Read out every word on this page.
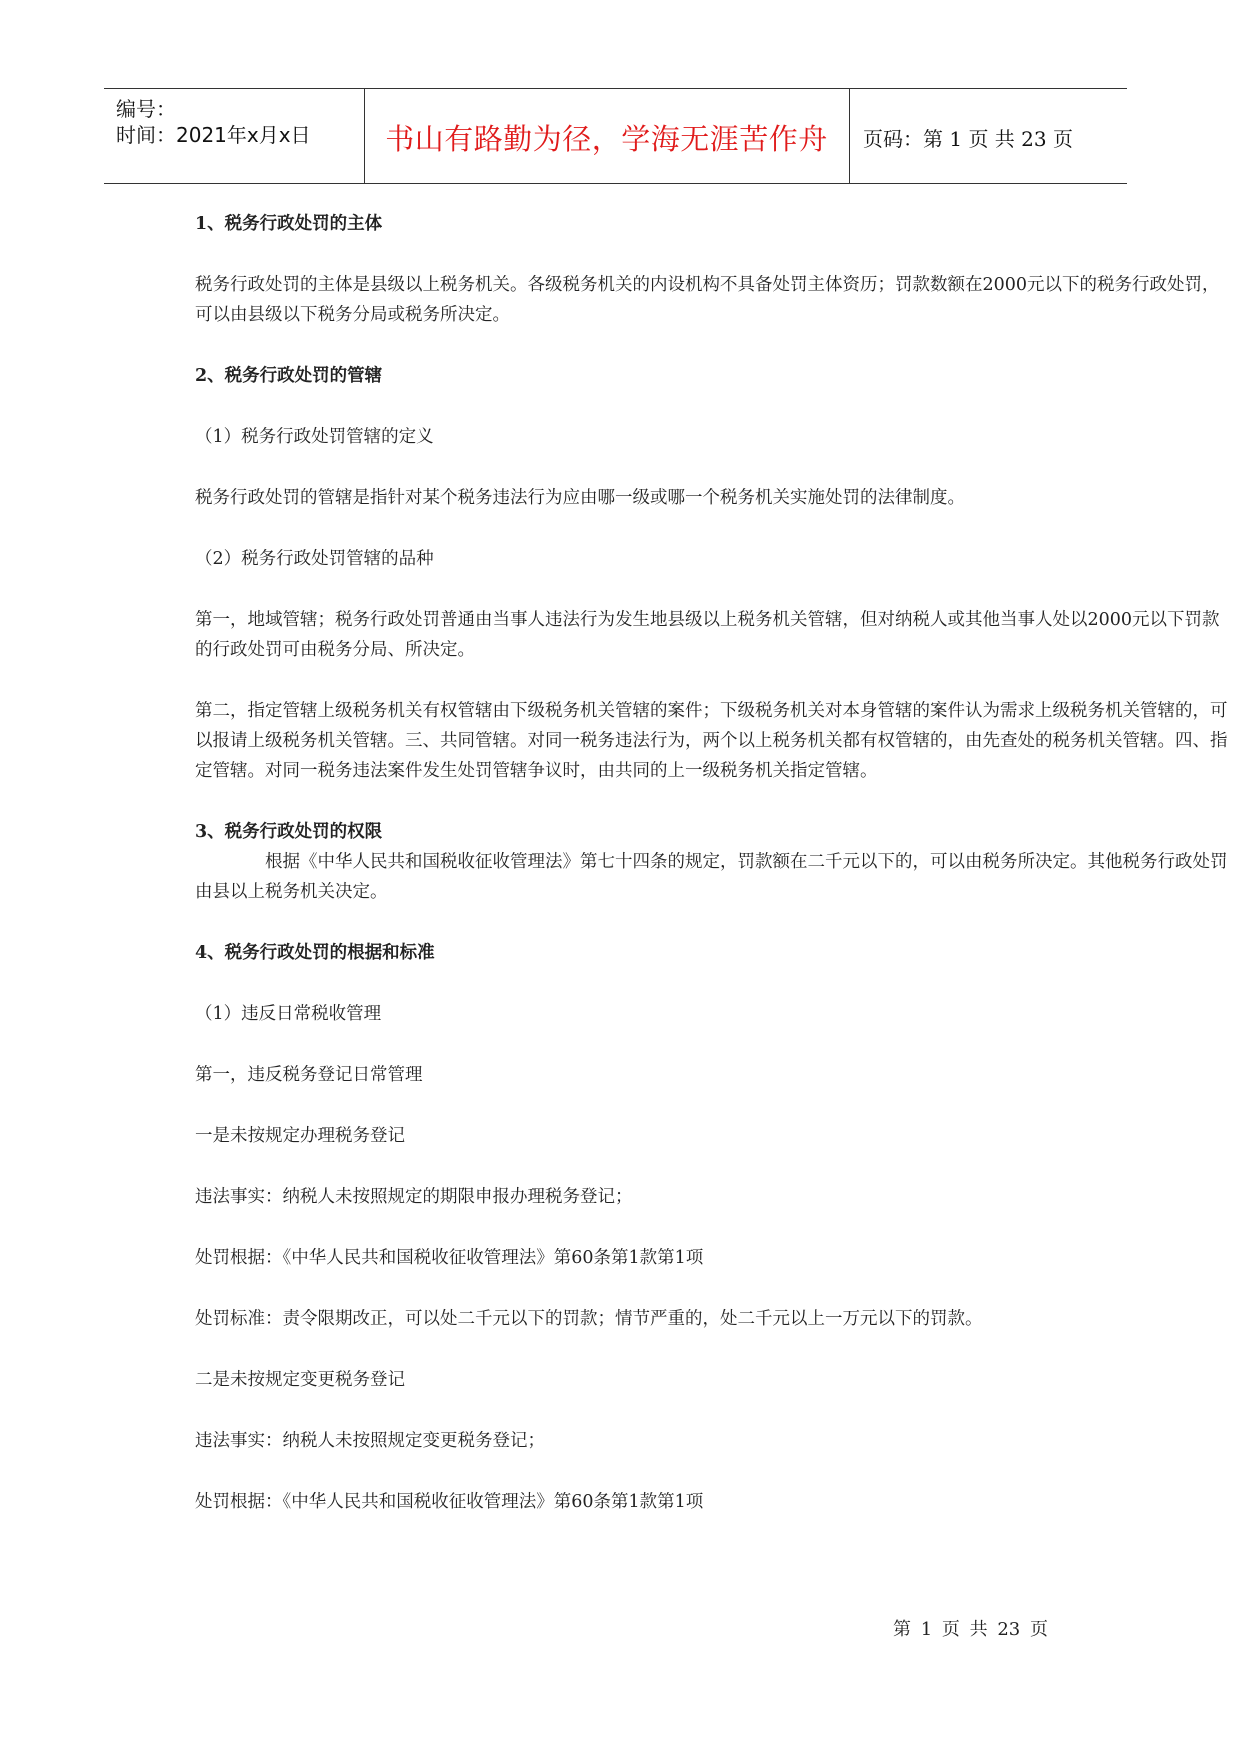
编号：
时间：2021年x月x日	书山有路勤为径，学海无涯苦作舟	页码：第 1 页 共 23 页

1、税务行政处罚的主体

税务行政处罚的主体是县级以上税务机关。各级税务机关的内设机构不具备处罚主体资历；罚款数额在2000元以下的税务行政处罚，可以由县级以下税务分局或税务所决定。

2、税务行政处罚的管辖

（1）税务行政处罚管辖的定义

税务行政处罚的管辖是指针对某个税务违法行为应由哪一级或哪一个税务机关实施处罚的法律制度。

（2）税务行政处罚管辖的品种

第一，地域管辖；税务行政处罚普通由当事人违法行为发生地县级以上税务机关管辖，但对纳税人或其他当事人处以2000元以下罚款的行政处罚可由税务分局、所决定。

第二，指定管辖上级税务机关有权管辖由下级税务机关管辖的案件；下级税务机关对本身管辖的案件认为需求上级税务机关管辖的，可以报请上级税务机关管辖。三、共同管辖。对同一税务违法行为，两个以上税务机关都有权管辖的，由先查处的税务机关管辖。四、指定管辖。对同一税务违法案件发生处罚管辖争议时，由共同的上一级税务机关指定管辖。

3、税务行政处罚的权限

根据《中华人民共和国税收征收管理法》第七十四条的规定，罚款额在二千元以下的，可以由税务所决定。其他税务行政处罚由县以上税务机关决定。

4、税务行政处罚的根据和标准

（1）违反日常税收管理

第一，违反税务登记日常管理

一是未按规定办理税务登记

违法事实：纳税人未按照规定的期限申报办理税务登记；

处罚根据：《中华人民共和国税收征收管理法》第60条第1款第1项

处罚标准：责令限期改正，可以处二千元以下的罚款；情节严重的，处二千元以上一万元以下的罚款。

二是未按规定变更税务登记

违法事实：纳税人未按照规定变更税务登记；

处罚根据：《中华人民共和国税收征收管理法》第60条第1款第1项

第 1 页 共 23 页
